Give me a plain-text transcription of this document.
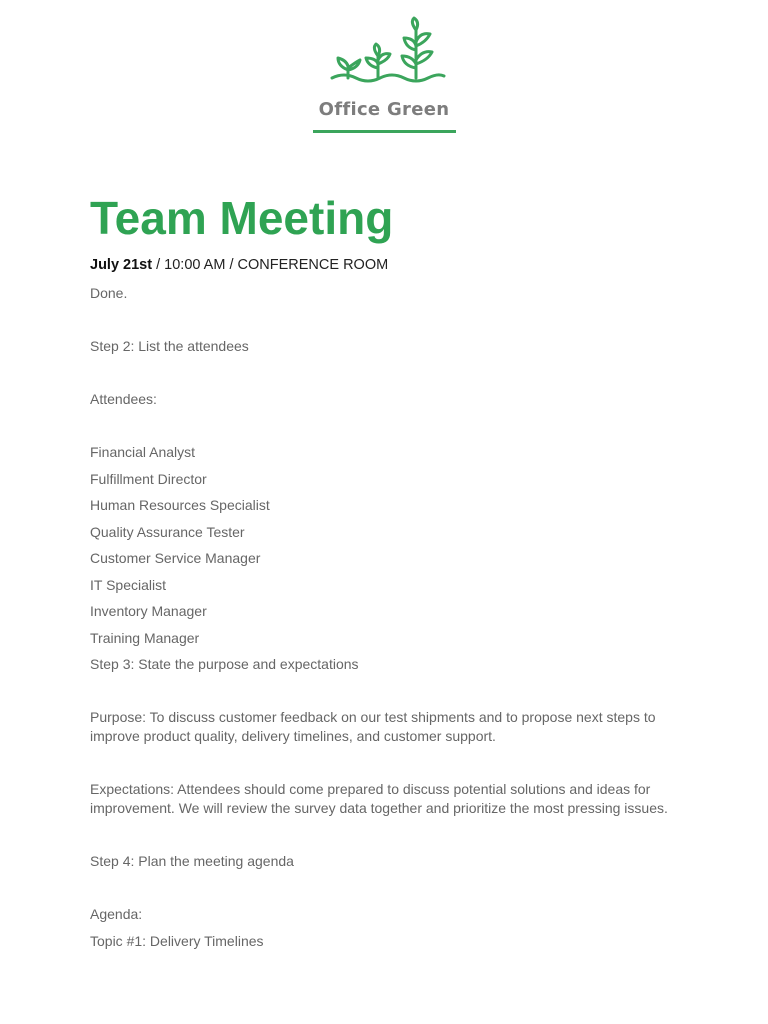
Office Green
Team Meeting
July 21st / 10:00 AM / CONFERENCE ROOM
Done.
Step 2: List the attendees
Attendees:
Financial Analyst
Fulfillment Director
Human Resources Specialist
Quality Assurance Tester
Customer Service Manager
IT Specialist
Inventory Manager
Training Manager
Step 3: State the purpose and expectations
Purpose: To discuss customer feedback on our test shipments and to propose next steps to improve product quality, delivery timelines, and customer support.
Expectations: Attendees should come prepared to discuss potential solutions and ideas for improvement. We will review the survey data together and prioritize the most pressing issues.
Step 4: Plan the meeting agenda
Agenda:
Topic #1: Delivery Timelines
